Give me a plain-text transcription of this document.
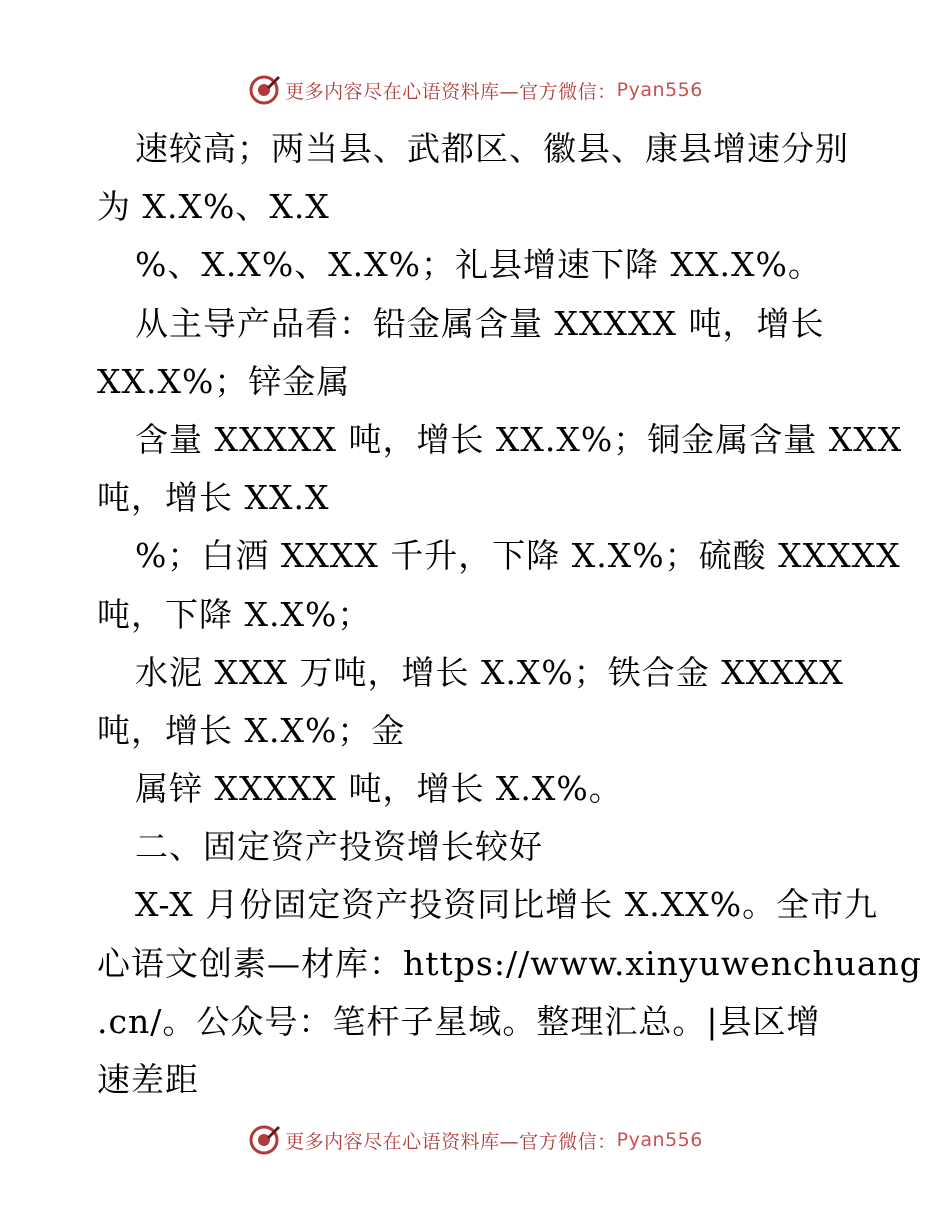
更多内容尽在心语资料库—官方微信： Pyan556
速较高；两当县、武都区、徽县、康县增速分别
为 X.X%、X.X
%、X.X%、X.X%；礼县增速下降 XX.X%。
从主导产品看：铅金属含量 XXXXX 吨，增长
XX.X%；锌金属
含量 XXXXX 吨，增长 XX.X%；铜金属含量 XXX
吨，增长 XX.X
%；白酒 XXXX 千升，下降 X.X%；硫酸 XXXXX
吨，下降 X.X%；
水泥 XXX 万吨，增长 X.X%；铁合金 XXXXX
吨，增长 X.X%；金
属锌 XXXXX 吨，增长 X.X%。
二、固定资产投资增长较好
X-X 月份固定资产投资同比增长 X.XX%。全市九
心语文创素—材库：https://www.xinyuwenchuang
.cn/。公众号：笔杆子星域。整理汇总。|县区增
速差距
更多内容尽在心语资料库—官方微信： Pyan556
